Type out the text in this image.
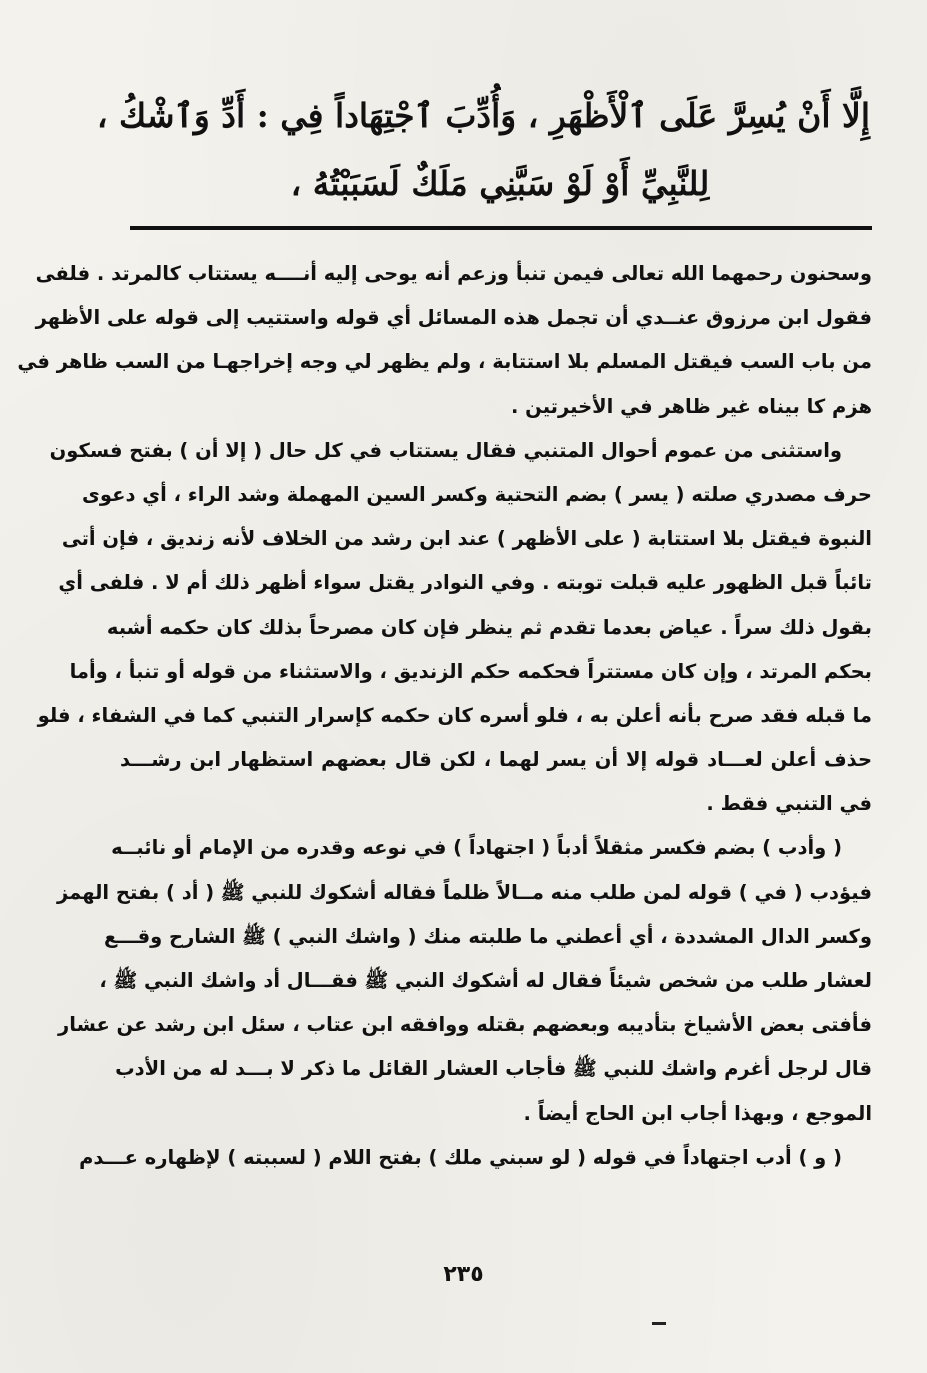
إِلَّا أَنْ يُسِرَّ عَلَى ٱلْأَظْهَرِ ، وَأُدِّبَ ٱجْتِهَاداً فِي : أَدِّ وَٱشْكُ ،
لِلنَّبِيِّ أَوْ لَوْ سَبَّنِي مَلَكٌ لَسَبَبْتُهُ ،
وسحنون رحمهما الله تعالى فيمن تنبأ وزعم أنه يوحى إليه أنــــه يستتاب كالمرتد . فلفى
فقول ابن مرزوق عنــدي أن تجمل هذه المسائل أي قوله واستتيب إلى قوله على الأظهر
من باب السب فيقتل المسلم بلا استتابة ، ولم يظهر لي وجه إخراجهـا من السب ظاهر في
هزم كا بيناه غير ظاهر في الأخيرتين .
واستثنى من عموم أحوال المتنبي فقال يستتاب في كل حال ( إلا أن ) بفتح فسكون
حرف مصدري صلته ( يسر ) بضم التحتية وكسر السين المهملة وشد الراء ، أي دعوى
النبوة فيقتل بلا استتابة ( على الأظهر ) عند ابن رشد من الخلاف لأنه زنديق ، فإن أتى
تائباً قبل الظهور عليه قبلت توبته . وفي النوادر يقتل سواء أظهر ذلك أم لا . فلفى أي
بقول ذلك سراً . عياض بعدما تقدم ثم ينظر فإن كان مصرحاً بذلك كان حكمه أشبه
بحكم المرتد ، وإن كان مستتراً فحكمه حكم الزنديق ، والاستثناء من قوله أو تنبأ ، وأما
ما قبله فقد صرح بأنه أعلن به ، فلو أسره كان حكمه كإسرار التنبي كما في الشفاء ، فلو
حذف أعلن لعـــاد قوله إلا أن يسر لهما ، لكن قال بعضهم استظهار ابن رشـــد
في التنبي فقط .
( وأدب ) بضم فكسر مثقلاً أدباً ( اجتهاداً ) في نوعه وقدره من الإمام أو نائبــه
فيؤدب ( في ) قوله لمن طلب منه مــالاً ظلماً فقاله أشكوك للنبي ﷺ ( أد ) بفتح الهمز
وكسر الدال المشددة ، أي أعطني ما طلبته منك ( واشك النبي ) ﷺ الشارح وقـــع
لعشار طلب من شخص شيئاً فقال له أشكوك النبي ﷺ فقـــال أد واشك النبي ﷺ ،
فأفتى بعض الأشياخ بتأديبه وبعضهم بقتله ووافقه ابن عتاب ، سئل ابن رشد عن عشار
قال لرجل أغرم واشك للنبي ﷺ فأجاب العشار القائل ما ذكر لا بـــد له من الأدب
الموجع ، وبهذا أجاب ابن الحاج أيضاً .
( و ) أدب اجتهاداً في قوله ( لو سبني ملك ) بفتح اللام ( لسببته ) لإظهاره عـــدم
٢٣٥
